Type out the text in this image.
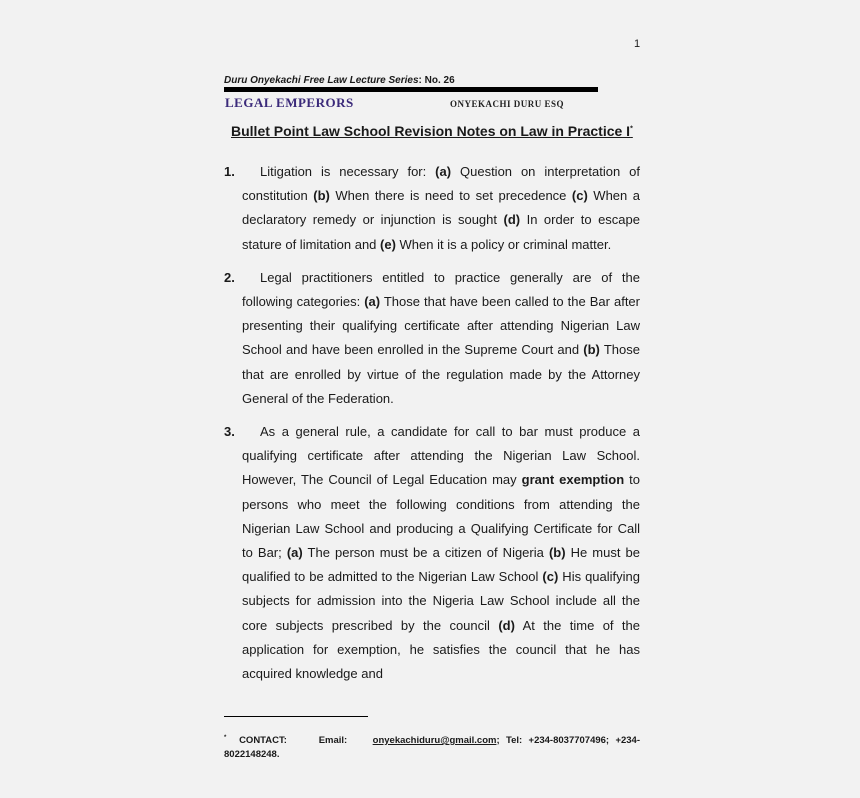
1
Duru Onyekachi Free Law Lecture Series: No. 26
LEGAL EMPERORS	ONYEKACHI DURU ESQ
Bullet Point Law School Revision Notes on Law in Practice I*
1.	Litigation is necessary for: (a) Question on interpretation of constitution (b) When there is need to set precedence (c) When a declaratory remedy or injunction is sought (d) In order to escape stature of limitation and (e) When it is a policy or criminal matter.
2.	Legal practitioners entitled to practice generally are of the following categories: (a) Those that have been called to the Bar after presenting their qualifying certificate after attending Nigerian Law School and have been enrolled in the Supreme Court and (b) Those that are enrolled by virtue of the regulation made by the Attorney General of the Federation.
3.	As a general rule, a candidate for call to bar must produce a qualifying certificate after attending the Nigerian Law School. However, The Council of Legal Education may grant exemption to persons who meet the following conditions from attending the Nigerian Law School and producing a Qualifying Certificate for Call to Bar; (a) The person must be a citizen of Nigeria (b) He must be qualified to be admitted to the Nigerian Law School (c) His qualifying subjects for admission into the Nigeria Law School include all the core subjects prescribed by the council (d) At the time of the application for exemption, he satisfies the council that he has acquired knowledge and
* CONTACT:	Email:	onyekachiduru@gmail.com; Tel: +234-8037707496; +234-8022148248.
